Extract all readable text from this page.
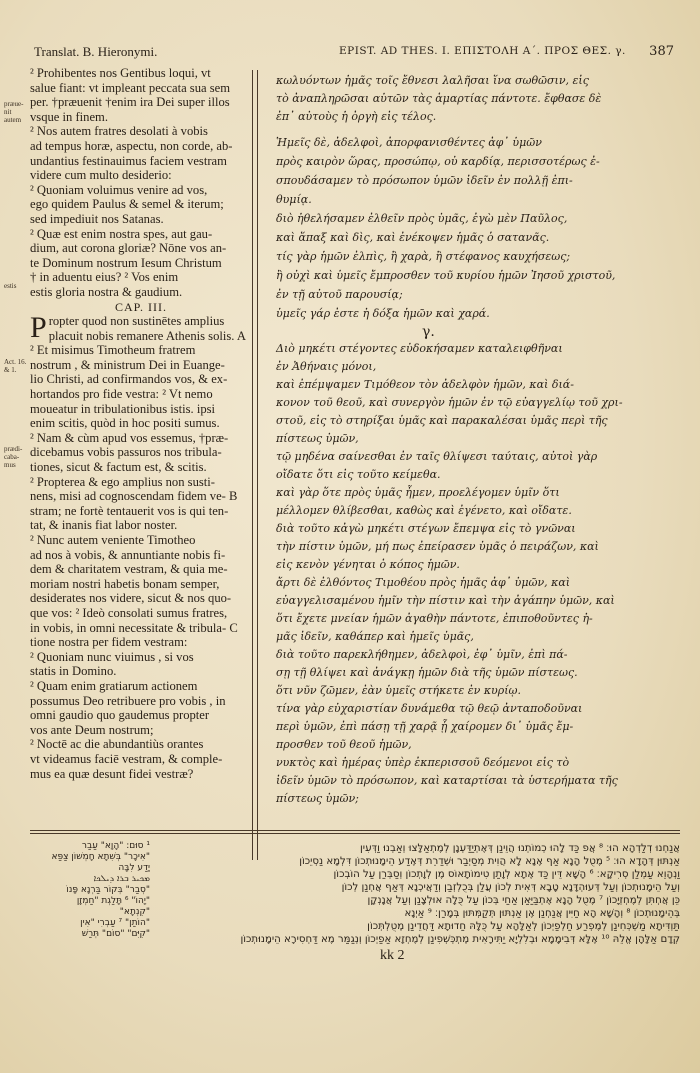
Translat. B. Hieronymi.	EPIST. AD THES. I. ΕΠΙΣΤΟΛΗ Α΄. ΠΡΟΣ ΘΕΣ. γ. 387
² Prohibentes nos Gentibus loqui, vt
salue fiant: vt impleant peccata sua sem
per. †præuenit †enim ira Dei super illos
vsque in finem.
² Nos autem fratres desolati à vobis
ad tempus horæ, aspectu, non corde, ab-
undantius festinauimus faciem vestram
videre cum multo desiderio:
² Quoniam voluimus venire ad vos,
ego quidem Paulus & semel & iterum;
sed impediuit nos Satanas.
² Quæ est enim nostra spes, aut gau-
dium, aut corona gloriæ? Nōne vos an-
te Dominum nostrum Iesum Christum
† in aduentu eius? ² Vos enim
estis gloria nostra & gaudium.
CAP. III.
P ropter quod non sustinētes amplius
placuit nobis remanere Athenis solis. A
² Et misimus Timotheum fratrem
nostrum , & ministrum Dei in Euange-
lio Christi, ad confirmandos vos, & ex-
hortandos pro fide vestra: ² Vt nemo
moueatur in tribulationibus istis. ipsi
enim scitis, quòd in hoc positi sumus.
² Nam & cùm apud vos essemus, †præ-
dicebamus vobis passuros nos tribula-
tiones, sicut & factum est, & scitis.
² Propterea & ego amplius non susti-
nens, misi ad cognoscendam fidem ve- B
stram; ne fortè tentauerit vos is qui ten-
tat, & inanis fiat labor noster.
² Nunc autem veniente Timotheo
ad nos à vobis, & annuntiante nobis fi-
dem & charitatem vestram, & quia me-
moriam nostri habetis bonam semper,
desiderates nos videre, sicut & nos quo-
que vos: ² Ideò consolati sumus fratres,
in vobis, in omni necessitate & tribula- C
tione nostra per fidem vestram:
² Quoniam nunc viuimus , si vos
statis in Domino.
² Quam enim gratiarum actionem
possumus Deo retribuere pro vobis , in
omni gaudio quo gaudemus propter
vos ante Deum nostrum;
² Noctē ac die abundantiùs orantes
vt videamus faciē vestram, & comple-
mus ea quæ desunt fidei vestræ?
præue-
nit
autem
estis
Act. 16.
& 1.
prædi-
caba-
mus
κωλυόντων ἡμᾶς τοῖς ἔθνεσι λαλῆσαι ἵνα σωθῶσιν, εἰς
τὸ ἀναπληρῶσαι αὐτῶν τὰς ἁμαρτίας πάντοτε. ἔφθασε δὲ
ἐπ᾽ αὐτοὺς ἡ ὀργὴ εἰς τέλος.
Ἡμεῖς δὲ, ἀδελφοὶ, ἀπορφανισθέντες ἀφ᾽ ὑμῶν
πρὸς καιρὸν ὥρας, προσώπῳ, οὐ καρδίᾳ, περισσοτέρως ἐ-
σπουδάσαμεν τὸ πρόσωπον ὑμῶν ἰδεῖν ἐν πολλῇ ἐπι-
θυμίᾳ.
διὸ ἠθελήσαμεν ἐλθεῖν πρὸς ὑμᾶς, ἐγὼ μὲν Παῦλος,
καὶ ἅπαξ καὶ δὶς, καὶ ἐνέκοψεν ἡμᾶς ὁ σατανᾶς.
τίς γὰρ ἡμῶν ἐλπὶς, ἢ χαρὰ, ἢ στέφανος καυχήσεως;
ἢ οὐχὶ καὶ ὑμεῖς ἔμπροσθεν τοῦ κυρίου ἡμῶν Ἰησοῦ χριστοῦ,
ἐν τῇ αὐτοῦ παρουσίᾳ;
ὑμεῖς γάρ ἐστε ἡ δόξα ἡμῶν καὶ χαρά.
γ.
Διὸ μηκέτι στέγοντες εὐδοκήσαμεν καταλειφθῆναι
ἐν Ἀθήναις μόνοι,
καὶ ἐπέμψαμεν Τιμόθεον τὸν ἀδελφὸν ἡμῶν, καὶ διά-
κονον τοῦ θεοῦ, καὶ συνεργὸν ἡμῶν ἐν τῷ εὐαγγελίῳ τοῦ χρι-
στοῦ, εἰς τὸ στηρίξαι ὑμᾶς καὶ παρακαλέσαι ὑμᾶς περὶ τῆς
πίστεως ὑμῶν,
τῷ μηδένα σαίνεσθαι ἐν ταῖς θλίψεσι ταύταις, αὐτοὶ γὰρ
οἴδατε ὅτι εἰς τοῦτο κείμεθα.
καὶ γὰρ ὅτε πρὸς ὑμᾶς ἦμεν, προελέγομεν ὑμῖν ὅτι
μέλλομεν θλίβεσθαι, καθὼς καὶ ἐγένετο, καὶ οἴδατε.
διὰ τοῦτο κἀγὼ μηκέτι στέγων ἔπεμψα εἰς τὸ γνῶναι
τὴν πίστιν ὑμῶν, μή πως ἐπείρασεν ὑμᾶς ὁ πειράζων, καὶ
εἰς κενὸν γένηται ὁ κόπος ἡμῶν.
ἄρτι δὲ ἐλθόντος Τιμοθέου πρὸς ἡμᾶς ἀφ᾽ ὑμῶν, καὶ
εὐαγγελισαμένου ἡμῖν τὴν πίστιν καὶ τὴν ἀγάπην ὑμῶν, καὶ
ὅτι ἔχετε μνείαν ἡμῶν ἀγαθὴν πάντοτε, ἐπιποθοῦντες ἡ-
μᾶς ἰδεῖν, καθάπερ καὶ ἡμεῖς ὑμᾶς,
διὰ τοῦτο παρεκλήθημεν, ἀδελφοὶ, ἐφ᾽ ὑμῖν, ἐπὶ πά-
σῃ τῇ θλίψει καὶ ἀνάγκῃ ἡμῶν διὰ τῆς ὑμῶν πίστεως.
ὅτι νῦν ζῶμεν, ἐὰν ὑμεῖς στήκετε ἐν κυρίῳ.
τίνα γὰρ εὐχαριστίαν δυνάμεθα τῷ θεῷ ἀνταποδοῦναι
περὶ ὑμῶν, ἐπὶ πάσῃ τῇ χαρᾷ ᾗ χαίρομεν δι᾽ ὑμᾶς ἔμ-
προσθεν τοῦ θεοῦ ἡμῶν,
νυκτὸς καὶ ἡμέρας ὑπὲρ ἐκπερισσοῦ δεόμενοι εἰς τὸ
ἰδεῖν ὑμῶν τὸ πρόσωπον, καὶ καταρτίσαι τὰ ὑστερήματα τῆς
πίστεως ὑμῶν;
אֲנַחְנוּ דְלַדְהָא הוּ׃ ⁸ אֲפ כַּד לָהוּ כְמוֹתְנוּ הֲוֵינַן דְּאֶתְיַדַּעְנָן לְמֶתְאַלָּצוּ וְאַבְנוּ וַדְּעִין
אַנְתּוּן דְּהָדָא הוּ׃ ⁵ מֶטֻל הָנָא אַף אֶנָא לָא הֲוִית מְסַיְבַר וּשְׁדַרֵת דְּאֶדַע הֵימָנוּתְכוֹן דִּלְמָא נַסְיֵכוֹן
וַנְהָוֵא עַמְלַן סְרִיקָא׃ ⁶ הָשָׁא דֵּין כַּד אֶתָא לְוָתַן טִימוֹתָאוֹס מֶן לְוָתְכוֹן וְסַבְּרַן עַל הוֹבְכוֹן
וְעַל הֵימָנוּתְכוֹן וְעַל דְּעוּהְדָּנָא טָבָא דְּאִית לְכוֹן עֲלַן בְּכֻלְזְבַן וְדַאֲיכְנָא דְּאַף אֲחְנַן לְכוֹן
כֵּן אֲחְתִּן לְמֶחְזְיָכוֹן ⁷ מֶטֻל הָנָא אֶתְבַּיַּאַן אַחַי בְּכוֹן עַל כֻּלָה אוּלְצָנַן וְעַל אֲנָנְקָן
בְּהֵימָנוּתְכוֹן ⁸ וְהָשָׁא הָא חַיִּין אֲנַחְנַן אֶן אַנְתּוּן תְּקַמְּתּוּן בְּמָרַן׃ ⁹ אַיְנָא
תַּוְדִּיתָא מַשְׁכְּחִינַן לְמֶפְרַע חַלְפַיְכוֹן לְאַלָּהָא עַל כֻּלָּהּ חַדוּתָא דַּחֲדֵינַן מֶטֻלְתְּכוֹן
קְדָם אַלָּהָן אֱלֵהּ ¹⁰ אֶלָּא דְּבִימָמָא וּבְלִלְיָא יַתִּירָאִית מֶתְכְּשְׁפִינַן לְמֶחְזָא אַפַיְכוֹן וְנְגַמַּר מֶא דַּחְסִירָא הֵימָנוּתְכוֹן
¹ סוּם: "הָוָא" עַבַר
"אִיכָר" בְּשִׁתָא חָמְשׁוֹן צַפַּא
יָדַע לִבָּה
ܡܟܝܪ ܒܪܐ ܕܝܠܟܐ
"סְבַר" בְּקוֹר בַּרְנָא פָּנוֹ
"יָהוֹ" ⁶ תָּלַגְת "חַמְזָן
"קִנְתָא"
"הוֹתַן" ⁷ עַבְרִי "אִין
"קִיִּם" "סוֹם" תְּרַשׁ
kk 2
